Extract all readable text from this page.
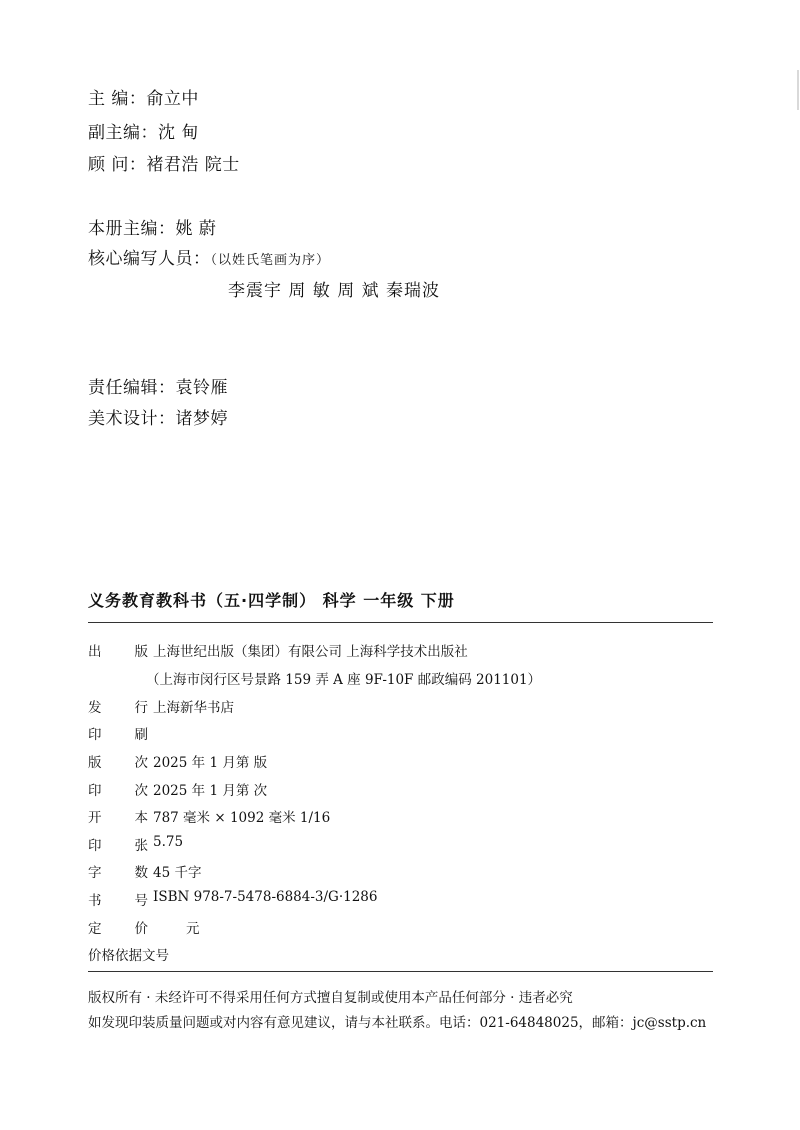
主 编：俞立中
副主编：沈 甸
顾 问：褚君浩 院士
本册主编：姚 蔚
核心编写人员：（以姓氏笔画为序）
李震宇 周 敏 周 斌 秦瑞波
责任编辑：袁铃雁
美术设计：诸梦婷
义务教育教科书（五·四学制） 科学 一年级 下册
出 版 上海世纪出版（集团）有限公司 上海科学技术出版社
（上海市闵行区号景路 159 弄 A 座 9F-10F 邮政编码 201101）
发 行 上海新华书店
印 刷
版 次 2025 年 1 月第 版
印 次 2025 年 1 月第 次
开 本 787 毫米 × 1092 毫米 1/16
印 张 5.75
字 数 45 千字
书 号 ISBN 978-7-5478-6884-3/G·1286
定 价	元
价格依据文号
版权所有 · 未经许可不得采用任何方式擅自复制或使用本产品任何部分 · 违者必究
如发现印装质量问题或对内容有意见建议，请与本社联系。电话：021-64848025，邮箱：jc@sstp.cn
